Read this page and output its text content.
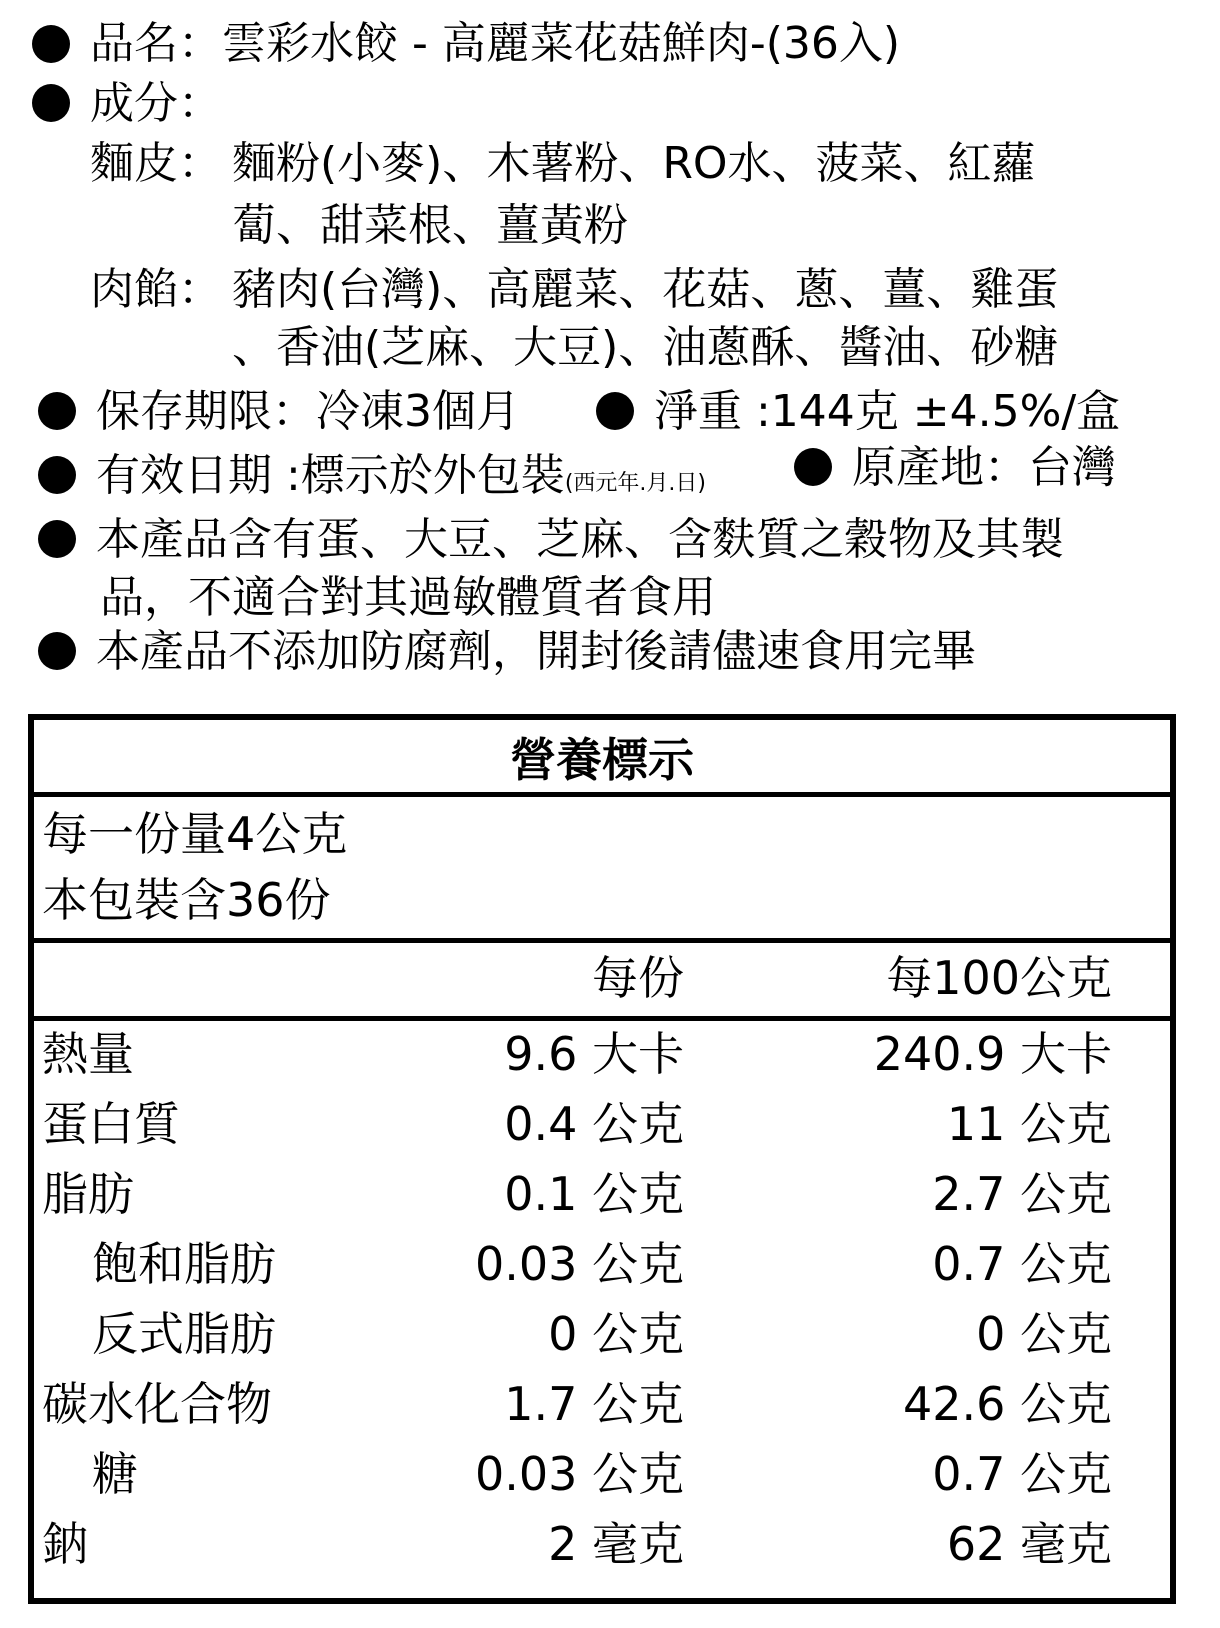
品名：雲彩水餃 - 高麗菜花菇鮮肉-(36入)
成分：
麵皮： 麵粉(小麥)、木薯粉、RO水、菠菜、紅蘿
蔔、甜菜根、薑黃粉
肉餡： 豬肉(台灣)、高麗菜、花菇、蔥、薑、雞蛋
、香油(芝麻、大豆)、油蔥酥、醬油、砂糖
保存期限：冷凍3個月	淨重 :144克 ±4.5%/盒
有效日期 :標示於外包裝(西元年.月.日)	原產地：台灣
本產品含有蛋、大豆、芝麻、含麩質之穀物及其製
品，不適合對其過敏體質者食用
本產品不添加防腐劑，開封後請儘速食用完畢
營養標示
每一份量4公克
本包裝含36份
每份	每100公克
熱量	9.6 大卡	240.9 大卡
蛋白質	0.4 公克	11 公克
脂肪	0.1 公克	2.7 公克
飽和脂肪	0.03 公克	0.7 公克
反式脂肪	0 公克	0 公克
碳水化合物	1.7 公克	42.6 公克
糖	0.03 公克	0.7 公克
鈉	2 毫克	62 毫克
